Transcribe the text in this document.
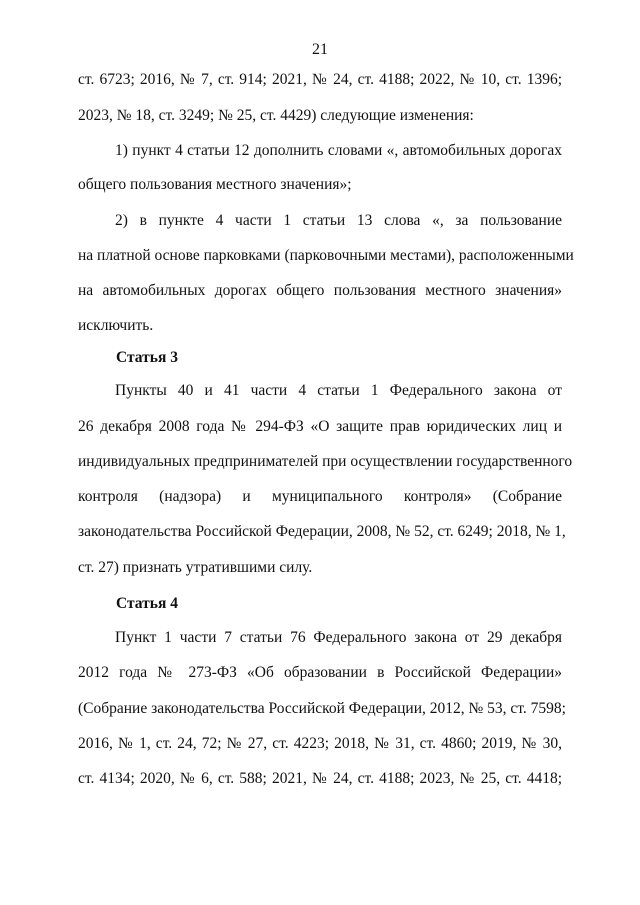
21
ст. 6723; 2016, № 7, ст. 914; 2021, № 24, ст. 4188; 2022, № 10, ст. 1396;
2023, № 18, ст. 3249; № 25, ст. 4429) следующие изменения:
1) пункт 4 статьи 12 дополнить словами «, автомобильных дорогах
общего пользования местного значения»;
2) в пункте 4 части 1 статьи 13 слова «, за пользование
на платной основе парковками (парковочными местами), расположенными
на автомобильных дорогах общего пользования местного значения»
исключить.
Статья 3
Пункты 40 и 41 части 4 статьи 1 Федерального закона от
26 декабря 2008 года № 294-ФЗ «О защите прав юридических лиц и
индивидуальных предпринимателей при осуществлении государственного
контроля (надзора) и муниципального контроля» (Собрание
законодательства Российской Федерации, 2008, № 52, ст. 6249; 2018, № 1,
ст. 27) признать утратившими силу.
Статья 4
Пункт 1 части 7 статьи 76 Федерального закона от 29 декабря
2012 года № 273-ФЗ «Об образовании в Российской Федерации»
(Собрание законодательства Российской Федерации, 2012, № 53, ст. 7598;
2016, № 1, ст. 24, 72; № 27, ст. 4223; 2018, № 31, ст. 4860; 2019, № 30,
ст. 4134; 2020, № 6, ст. 588; 2021, № 24, ст. 4188; 2023, № 25, ст. 4418;
